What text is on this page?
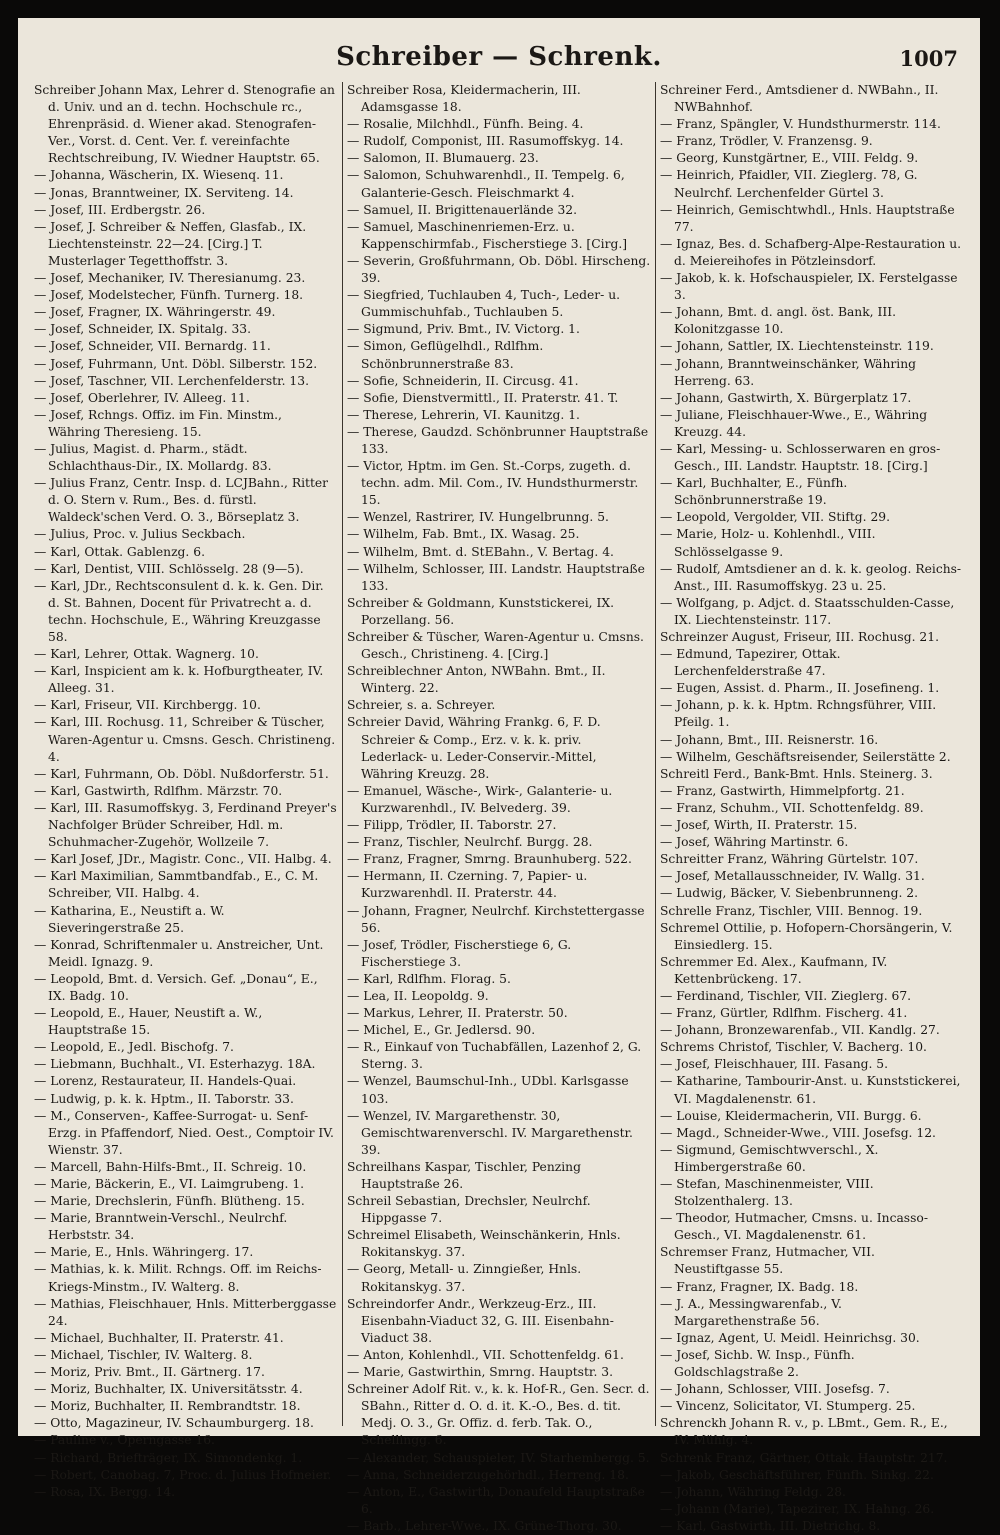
Schreiber — Schrenk.	1007

Schreiber Johann Max, Lehrer d. Stenografie an d. Univ. und an d. techn. Hochschule rc., Ehrenpräsid. d. Wiener akad. Stenografen-Ver., Vorst. d. Cent. Ver. f. vereinfachte Rechtschreibung, IV. Wiedner Hauptstr. 65.

— Johanna, Wäscherin, IX. Wiesenq. 11.

— Jonas, Branntweiner, IX. Serviteng. 14.

— Josef, III. Erdbergstr. 26.

— Josef, J. Schreiber & Neffen, Glasfab., IX. Liechtensteinstr. 22—24. [Cirg.] T. Musterlager Tegetthoffstr. 3.

— Josef, Mechaniker, IV. Theresianumg. 23.

— Josef, Modelstecher, Fünfh. Turnerg. 18.

— Josef, Fragner, IX. Währingerstr. 49.

— Josef, Schneider, IX. Spitalg. 33.

— Josef, Schneider, VII. Bernardg. 11.

— Josef, Fuhrmann, Unt. Döbl. Silberstr. 152.

— Josef, Taschner, VII. Lerchenfelderstr. 13.

— Josef, Oberlehrer, IV. Alleeg. 11.

— Josef, Rchngs. Offiz. im Fin. Minstm., Währing Theresieng. 15.

— Julius, Magist. d. Pharm., städt. Schlachthaus-Dir., IX. Mollardg. 83.

— Julius Franz, Centr. Insp. d. LCJBahn., Ritter d. O. Stern v. Rum., Bes. d. fürstl. Waldeck'schen Verd. O. 3., Börseplatz 3.

— Julius, Proc. v. Julius Seckbach.

— Karl, Ottak. Gablenzg. 6.

— Karl, Dentist, VIII. Schlösselg. 28 (9—5).

— Karl, JDr., Rechtsconsulent d. k. k. Gen. Dir. d. St. Bahnen, Docent für Privatrecht a. d. techn. Hochschule, E., Währing Kreuzgasse 58.

— Karl, Lehrer, Ottak. Wagnerg. 10.

— Karl, Inspicient am k. k. Hofburgtheater, IV. Alleeg. 31.

— Karl, Friseur, VII. Kirchbergg. 10.

— Karl, III. Rochusg. 11, Schreiber & Tüscher, Waren-Agentur u. Cmsns. Gesch. Christineng. 4.

— Karl, Fuhrmann, Ob. Döbl. Nußdorferstr. 51.

— Karl, Gastwirth, Rdlfhm. Märzstr. 70.

— Karl, III. Rasumoffskyg. 3, Ferdinand Preyer's Nachfolger Brüder Schreiber, Hdl. m. Schuhmacher-Zugehör, Wollzeile 7.

— Karl Josef, JDr., Magistr. Conc., VII. Halbg. 4.

— Karl Maximilian, Sammtbandfab., E., C. M. Schreiber, VII. Halbg. 4.

— Katharina, E., Neustift a. W. Sieveringerstraße 25.

— Konrad, Schriftenmaler u. Anstreicher, Unt. Meidl. Ignazg. 9.

— Leopold, Bmt. d. Versich. Gef. „Donau“, E., IX. Badg. 10.

— Leopold, E., Hauer, Neustift a. W., Hauptstraße 15.

— Leopold, E., Jedl. Bischofg. 7.

— Liebmann, Buchhalt., VI. Esterhazyg. 18A.

— Lorenz, Restaurateur, II. Handels-Quai.

— Ludwig, p. k. k. Hptm., II. Taborstr. 33.

— M., Conserven-, Kaffee-Surrogat- u. Senf-Erzg. in Pfaffendorf, Nied. Oest., Comptoir IV. Wienstr. 37.

— Marcell, Bahn-Hilfs-Bmt., II. Schreig. 10.

— Marie, Bäckerin, E., VI. Laimgrubeng. 1.

— Marie, Drechslerin, Fünfh. Blütheng. 15.

— Marie, Branntwein-Verschl., Neulrchf. Herbststr. 34.

— Marie, E., Hnls. Währingerg. 17.

— Mathias, k. k. Milit. Rchngs. Off. im Reichs-Kriegs-Minstm., IV. Walterg. 8.

— Mathias, Fleischhauer, Hnls. Mitterberggasse 24.

— Michael, Buchhalter, II. Praterstr. 41.

— Michael, Tischler, IV. Walterg. 8.

— Moriz, Priv. Bmt., II. Gärtnerg. 17.

— Moriz, Buchhalter, IX. Universitätsstr. 4.

— Moriz, Buchhalter, II. Rembrandtstr. 18.

— Otto, Magazineur, IV. Schaumburgerg. 18.

— Pauline v., Operngasse 16.

— Richard, Briefträger, IX. Simondenkg. 1.

— Robert, Canobag. 7, Proc. d. Julius Hofmeier.

— Rosa, IX. Bergg. 14.

Schreiber Rosa, Kleidermacherin, III. Adamsgasse 18.

— Rosalie, Milchhdl., Fünfh. Being. 4.

— Rudolf, Componist, III. Rasumoffskyg. 14.

— Salomon, II. Blumauerg. 23.

— Salomon, Schuhwarenhdl., II. Tempelg. 6, Galanterie-Gesch. Fleischmarkt 4.

— Samuel, II. Brigittenauerlände 32.

— Samuel, Maschinenriemen-Erz. u. Kappenschirmfab., Fischerstiege 3. [Cirg.]

— Severin, Großfuhrmann, Ob. Döbl. Hirscheng. 39.

— Siegfried, Tuchlauben 4, Tuch-, Leder- u. Gummischuhfab., Tuchlauben 5.

— Sigmund, Priv. Bmt., IV. Victorg. 1.

— Simon, Geflügelhdl., Rdlfhm. Schönbrunnerstraße 83.

— Sofie, Schneiderin, II. Circusg. 41.

— Sofie, Dienstvermittl., II. Praterstr. 41. T.

— Therese, Lehrerin, VI. Kaunitzg. 1.

— Therese, Gaudzd. Schönbrunner Hauptstraße 133.

— Victor, Hptm. im Gen. St.-Corps, zugeth. d. techn. adm. Mil. Com., IV. Hundsthurmerstr. 15.

— Wenzel, Rastrirer, IV. Hungelbrunng. 5.

— Wilhelm, Fab. Bmt., IX. Wasag. 25.

— Wilhelm, Bmt. d. StEBahn., V. Bertag. 4.

— Wilhelm, Schlosser, III. Landstr. Hauptstraße 133.

Schreiber & Goldmann, Kunststickerei, IX. Porzellang. 56.

Schreiber & Tüscher, Waren-Agentur u. Cmsns. Gesch., Christineng. 4. [Cirg.]

Schreiblechner Anton, NWBahn. Bmt., II. Winterg. 22.

Schreier, s. a. Schreyer.

Schreier David, Währing Frankg. 6, F. D. Schreier & Comp., Erz. v. k. k. priv. Lederlack- u. Leder-Conservir.-Mittel, Währing Kreuzg. 28.

— Emanuel, Wäsche-, Wirk-, Galanterie- u. Kurzwarenhdl., IV. Belvederg. 39.

— Filipp, Trödler, II. Taborstr. 27.

— Franz, Tischler, Neulrchf. Burgg. 28.

— Franz, Fragner, Smrng. Braunhuberg. 522.

— Hermann, II. Czerning. 7, Papier- u. Kurzwarenhdl. II. Praterstr. 44.

— Johann, Fragner, Neulrchf. Kirchstettergasse 56.

— Josef, Trödler, Fischerstiege 6, G. Fischerstiege 3.

— Karl, Rdlfhm. Florag. 5.

— Lea, II. Leopoldg. 9.

— Markus, Lehrer, II. Praterstr. 50.

— Michel, E., Gr. Jedlersd. 90.

— R., Einkauf von Tuchabfällen, Lazenhof 2, G. Sterng. 3.

— Wenzel, Baumschul-Inh., UDbl. Karlsgasse 103.

— Wenzel, IV. Margarethenstr. 30, Gemischtwarenverschl. IV. Margarethenstr. 39.

Schreilhans Kaspar, Tischler, Penzing Hauptstraße 26.

Schreil Sebastian, Drechsler, Neulrchf. Hippgasse 7.

Schreimel Elisabeth, Weinschänkerin, Hnls. Rokitanskyg. 37.

— Georg, Metall- u. Zinngießer, Hnls. Rokitanskyg. 37.

Schreindorfer Andr., Werkzeug-Erz., III. Eisenbahn-Viaduct 32, G. III. Eisenbahn-Viaduct 38.

— Anton, Kohlenhdl., VII. Schottenfeldg. 61.

— Marie, Gastwirthin, Smrng. Hauptstr. 3.

Schreiner Adolf Rit. v., k. k. Hof-R., Gen. Secr. d. SBahn., Ritter d. O. d. it. K.-O., Bes. d. tit. Medj. O. 3., Gr. Offiz. d. ferb. Tak. O., Schellingg. 6.

— Alexander, Schauspieler, IV. Starhembergg. 5.

— Anna, Schneiderzugehörhdl., Herreng. 18.

— Anton, E., Gastwirth, Donaufeld Hauptstraße 6.

— Barb., Lehrer-Wwe., IX. Grüne-Thorg. 30.

Schreiner Ferd., Amtsdiener d. NWBahn., II. NWBahnhof.

— Franz, Spängler, V. Hundsthurmerstr. 114.

— Franz, Trödler, V. Franzensg. 9.

— Georg, Kunstgärtner, E., VIII. Feldg. 9.

— Heinrich, Pfaidler, VII. Zieglerg. 78, G. Neulrchf. Lerchenfelder Gürtel 3.

— Heinrich, Gemischtwhdl., Hnls. Hauptstraße 77.

— Ignaz, Bes. d. Schafberg-Alpe-Restauration u. d. Meiereihofes in Pötzleinsdorf.

— Jakob, k. k. Hofschauspieler, IX. Ferstelgasse 3.

— Johann, Bmt. d. angl. öst. Bank, III. Kolonitzgasse 10.

— Johann, Sattler, IX. Liechtensteinstr. 119.

— Johann, Branntweinschänker, Währing Herreng. 63.

— Johann, Gastwirth, X. Bürgerplatz 17.

— Juliane, Fleischhauer-Wwe., E., Währing Kreuzg. 44.

— Karl, Messing- u. Schlosserwaren en gros-Gesch., III. Landstr. Hauptstr. 18. [Cirg.]

— Karl, Buchhalter, E., Fünfh. Schönbrunnerstraße 19.

— Leopold, Vergolder, VII. Stiftg. 29.

— Marie, Holz- u. Kohlenhdl., VIII. Schlösselgasse 9.

— Rudolf, Amtsdiener an d. k. k. geolog. Reichs-Anst., III. Rasumoffskyg. 23 u. 25.

— Wolfgang, p. Adjct. d. Staatsschulden-Casse, IX. Liechtensteinstr. 117.

Schreinzer August, Friseur, III. Rochusg. 21.

— Edmund, Tapezirer, Ottak. Lerchenfelderstraße 47.

— Eugen, Assist. d. Pharm., II. Josefineng. 1.

— Johann, p. k. k. Hptm. Rchngsführer, VIII. Pfeilg. 1.

— Johann, Bmt., III. Reisnerstr. 16.

— Wilhelm, Geschäftsreisender, Seilerstätte 2.

Schreitl Ferd., Bank-Bmt. Hnls. Steinerg. 3.

— Franz, Gastwirth, Himmelpfortg. 21.

— Franz, Schuhm., VII. Schottenfeldg. 89.

— Josef, Wirth, II. Praterstr. 15.

— Josef, Währing Martinstr. 6.

Schreitter Franz, Währing Gürtelstr. 107.

— Josef, Metallausschneider, IV. Wallg. 31.

— Ludwig, Bäcker, V. Siebenbrunneng. 2.

Schrelle Franz, Tischler, VIII. Bennog. 19.

Schremel Ottilie, p. Hofopern-Chorsängerin, V. Einsiedlerg. 15.

Schremmer Ed. Alex., Kaufmann, IV. Kettenbrückeng. 17.

— Ferdinand, Tischler, VII. Zieglerg. 67.

— Franz, Gürtler, Rdlfhm. Fischerg. 41.

— Johann, Bronzewarenfab., VII. Kandlg. 27.

Schrems Christof, Tischler, V. Bacherg. 10.

— Josef, Fleischhauer, III. Fasang. 5.

— Katharine, Tambourir-Anst. u. Kunststickerei, VI. Magdalenenstr. 61.

— Louise, Kleidermacherin, VII. Burgg. 6.

— Magd., Schneider-Wwe., VIII. Josefsg. 12.

— Sigmund, Gemischtwverschl., X. Himbergerstraße 60.

— Stefan, Maschinenmeister, VIII. Stolzenthalerg. 13.

— Theodor, Hutmacher, Cmsns. u. Incasso-Gesch., VI. Magdalenenstr. 61.

Schremser Franz, Hutmacher, VII. Neustiftgasse 55.

— Franz, Fragner, IX. Badg. 18.

— J. A., Messingwarenfab., V. Margarethenstraße 56.

— Ignaz, Agent, U. Meidl. Heinrichsg. 30.

— Josef, Sichb. W. Insp., Fünfh. Goldschlagstraße 2.

— Johann, Schlosser, VIII. Josefsg. 7.

— Vincenz, Solicitator, VI. Stumperg. 25.

Schrenckh Johann R. v., p. LBmt., Gem. R., E., IV. Mühlg. 4.

Schrenk Franz, Gärtner, Ottak. Hauptstr. 217.

— Jakob, Geschäftsführer, Fünfh. Sinkg. 22.

— Johann, Währing Feldg. 28.

— Johann (Marie), Tapezirer, IX. Hahng. 26.

— Karl, Gastwirth, III. Dietrichg. 8.
